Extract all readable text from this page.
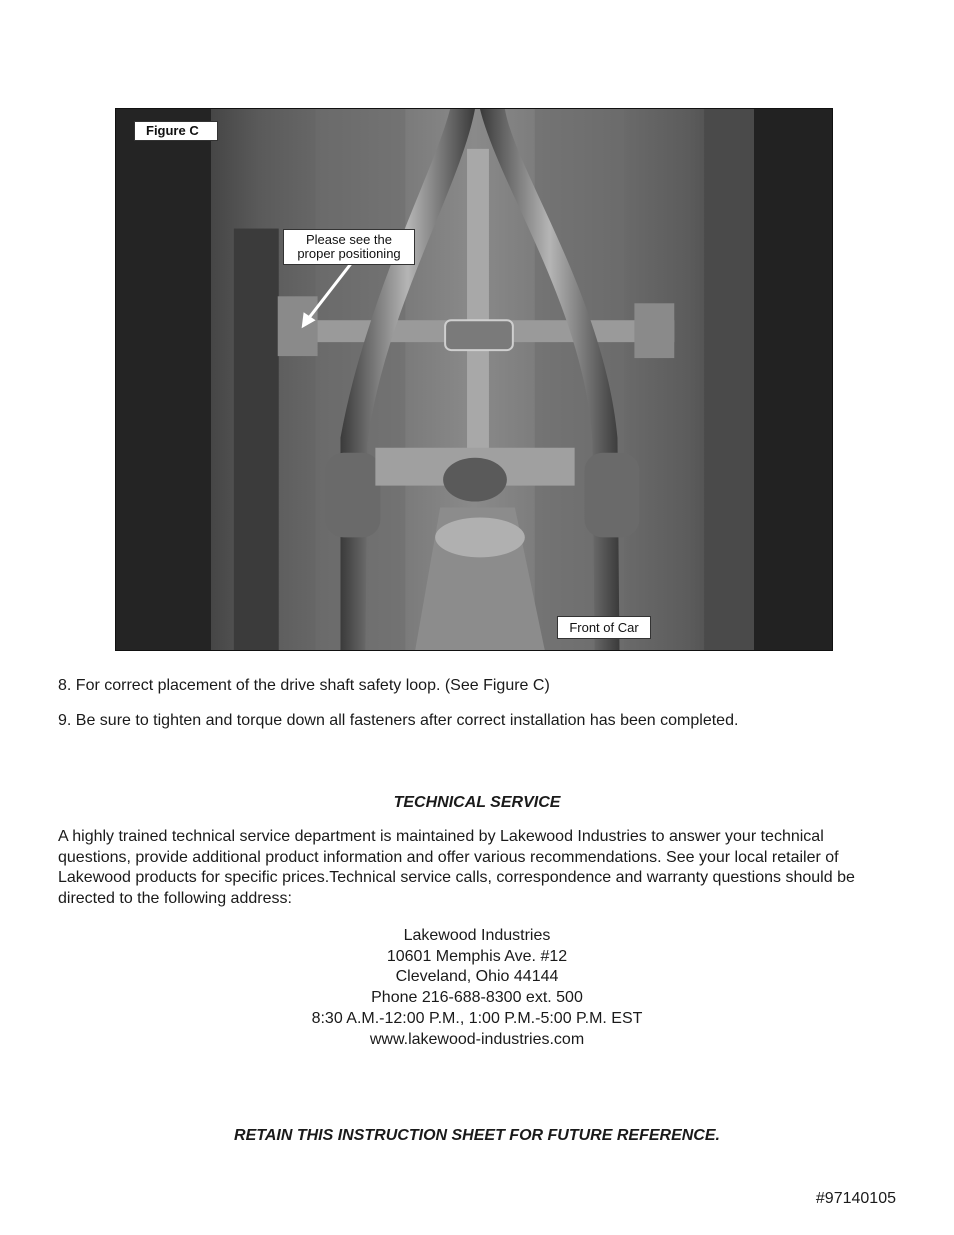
Figure C
Please see the
proper positioning
Front of Car
8. For correct placement of the drive shaft safety loop. (See Figure C)
9. Be sure to tighten and torque down all fasteners after correct installation has been completed.
TECHNICAL SERVICE
A highly trained technical service department is maintained by Lakewood Industries to answer your technical questions, provide additional product information and offer various recommendations. See your local retailer of Lakewood products for specific prices.Technical service calls, correspondence and warranty questions should be directed to the following address:
Lakewood Industries
10601 Memphis Ave. #12
Cleveland, Ohio 44144
Phone 216-688-8300 ext. 500
8:30 A.M.-12:00 P.M., 1:00 P.M.-5:00 P.M. EST
www.lakewood-industries.com
RETAIN THIS INSTRUCTION SHEET FOR FUTURE REFERENCE.
#97140105
